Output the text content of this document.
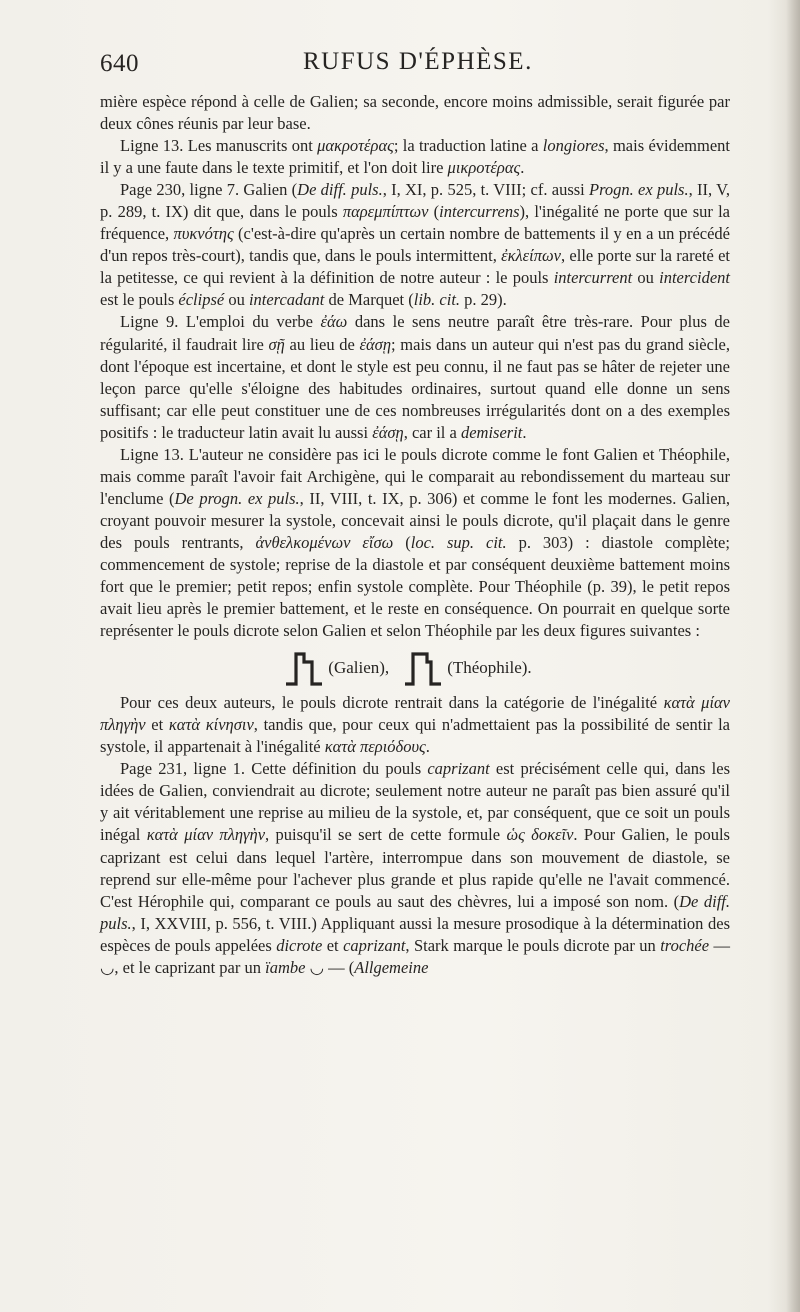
640	RUFUS D'ÉPHÈSE.

mière espèce répond à celle de Galien; sa seconde, encore moins admissible, serait figurée par deux cônes réunis par leur base.

Ligne 13. Les manuscrits ont μακροτέρας; la traduction latine a longiores, mais évidemment il y a une faute dans le texte primitif, et l'on doit lire μικροτέρας.

Page 230, ligne 7. Galien (De diff. puls., I, XI, p. 525, t. VIII; cf. aussi Progn. ex puls., II, V, p. 289, t. IX) dit que, dans le pouls παρεμπίπτων (intercurrens), l'inégalité ne porte que sur la fréquence, πυκνότης (c'est-à-dire qu'après un certain nombre de battements il y en a un précédé d'un repos très-court), tandis que, dans le pouls intermittent, ἐκλείπων, elle porte sur la rareté et la petitesse, ce qui revient à la définition de notre auteur : le pouls intercurrent ou intercident est le pouls éclipsé ou intercadant de Marquet (lib. cit. p. 29).

Ligne 9. L'emploi du verbe ἐάω dans le sens neutre paraît être très-rare. Pour plus de régularité, il faudrait lire σῇ au lieu de ἐάσῃ; mais dans un auteur qui n'est pas du grand siècle, dont l'époque est incertaine, et dont le style est peu connu, il ne faut pas se hâter de rejeter une leçon parce qu'elle s'éloigne des habitudes ordinaires, surtout quand elle donne un sens suffisant; car elle peut constituer une de ces nombreuses irrégularités dont on a des exemples positifs : le traducteur latin avait lu aussi ἐάσῃ, car il a demiserit.

Ligne 13. L'auteur ne considère pas ici le pouls dicrote comme le font Galien et Théophile, mais comme paraît l'avoir fait Archigène, qui le comparait au rebondissement du marteau sur l'enclume (De progn. ex puls., II, VIII, t. IX, p. 306) et comme le font les modernes. Galien, croyant pouvoir mesurer la systole, concevait ainsi le pouls dicrote, qu'il plaçait dans le genre des pouls rentrants, ἀνθελκομένων εἴσω (loc. sup. cit. p. 303) : diastole complète; commencement de systole; reprise de la diastole et par conséquent deuxième battement moins fort que le premier; petit repos; enfin systole complète. Pour Théophile (p. 39), le petit repos avait lieu après le premier battement, et le reste en conséquence. On pourrait en quelque sorte représenter le pouls dicrote selon Galien et selon Théophile par les deux figures suivantes :

(Galien),	(Théophile).

Pour ces deux auteurs, le pouls dicrote rentrait dans la catégorie de l'inégalité κατὰ μίαν πληγὴν et κατὰ κίνησιν, tandis que, pour ceux qui n'admettaient pas la possibilité de sentir la systole, il appartenait à l'inégalité κατὰ περιόδους.

Page 231, ligne 1. Cette définition du pouls caprizant est précisément celle qui, dans les idées de Galien, conviendrait au dicrote; seulement notre auteur ne paraît pas bien assuré qu'il y ait véritablement une reprise au milieu de la systole, et, par conséquent, que ce soit un pouls inégal κατὰ μίαν πληγὴν, puisqu'il se sert de cette formule ὡς δοκεῖν. Pour Galien, le pouls caprizant est celui dans lequel l'artère, interrompue dans son mouvement de diastole, se reprend sur elle-même pour l'achever plus grande et plus rapide qu'elle ne l'avait commencé. C'est Hérophile qui, comparant ce pouls au saut des chèvres, lui a imposé son nom. (De diff. puls., I, XXVIII, p. 556, t. VIII.) Appliquant aussi la mesure prosodique à la détermination des espèces de pouls appelées dicrote et caprizant, Stark marque le pouls dicrote par un trochée — ◡, et le caprizant par un ïambe ◡ — (Allgemeine
